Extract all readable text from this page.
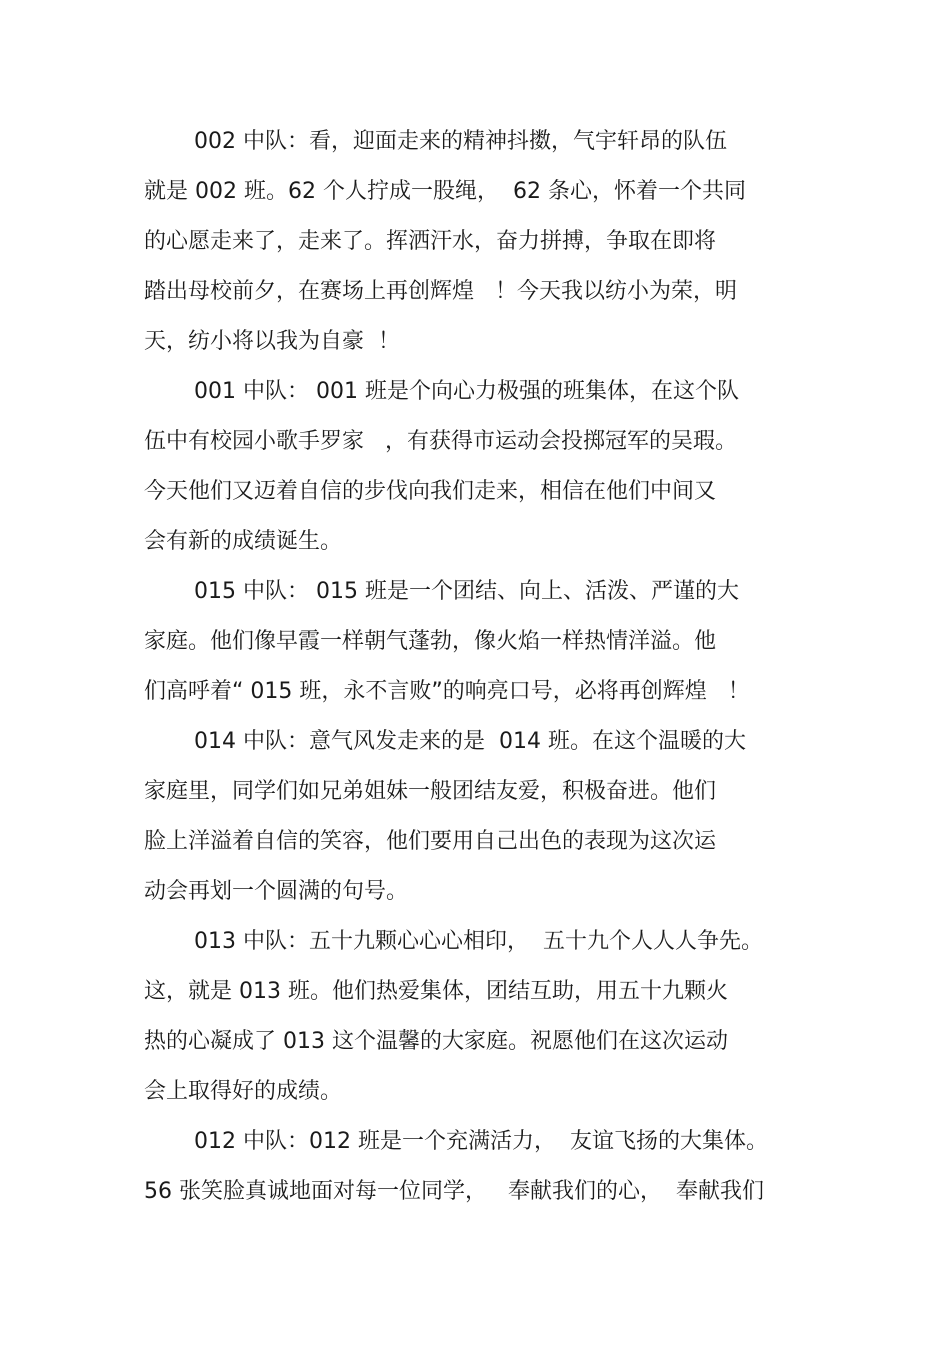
002 中队：看，迎面走来的精神抖擞，气宇轩昂的队伍

就是 002 班。62 个人拧成一股绳，  62 条心，怀着一个共同

的心愿走来了，走来了。挥洒汗水，奋力拼搏，争取在即将

踏出母校前夕，在赛场上再创辉煌   ！今天我以纺小为荣，明

天，纺小将以我为自豪  ！

001 中队： 001 班是个向心力极强的班集体，在这个队

伍中有校园小歌手罗家   ，有获得市运动会投掷冠军的吴瑕。

今天他们又迈着自信的步伐向我们走来，相信在他们中间又

会有新的成绩诞生。

015 中队： 015 班是一个团结、向上、活泼、严谨的大

家庭。他们像早霞一样朝气蓬勃，像火焰一样热情洋溢。他

们高呼着“ 015 班，永不言败”的响亮口号，必将再创辉煌   ！

014 中队：意气风发走来的是  014 班。在这个温暖的大

家庭里，同学们如兄弟姐妹一般团结友爱，积极奋进。他们

脸上洋溢着自信的笑容，他们要用自己出色的表现为这次运

动会再划一个圆满的句号。

013 中队：五十九颗心心心相印，  五十九个人人人争先。

这，就是 013 班。他们热爱集体，团结互助，用五十九颗火

热的心凝成了 013 这个温馨的大家庭。祝愿他们在这次运动

会上取得好的成绩。

012 中队：012 班是一个充满活力，  友谊飞扬的大集体。

56 张笑脸真诚地面对每一位同学，   奉献我们的心，  奉献我们
